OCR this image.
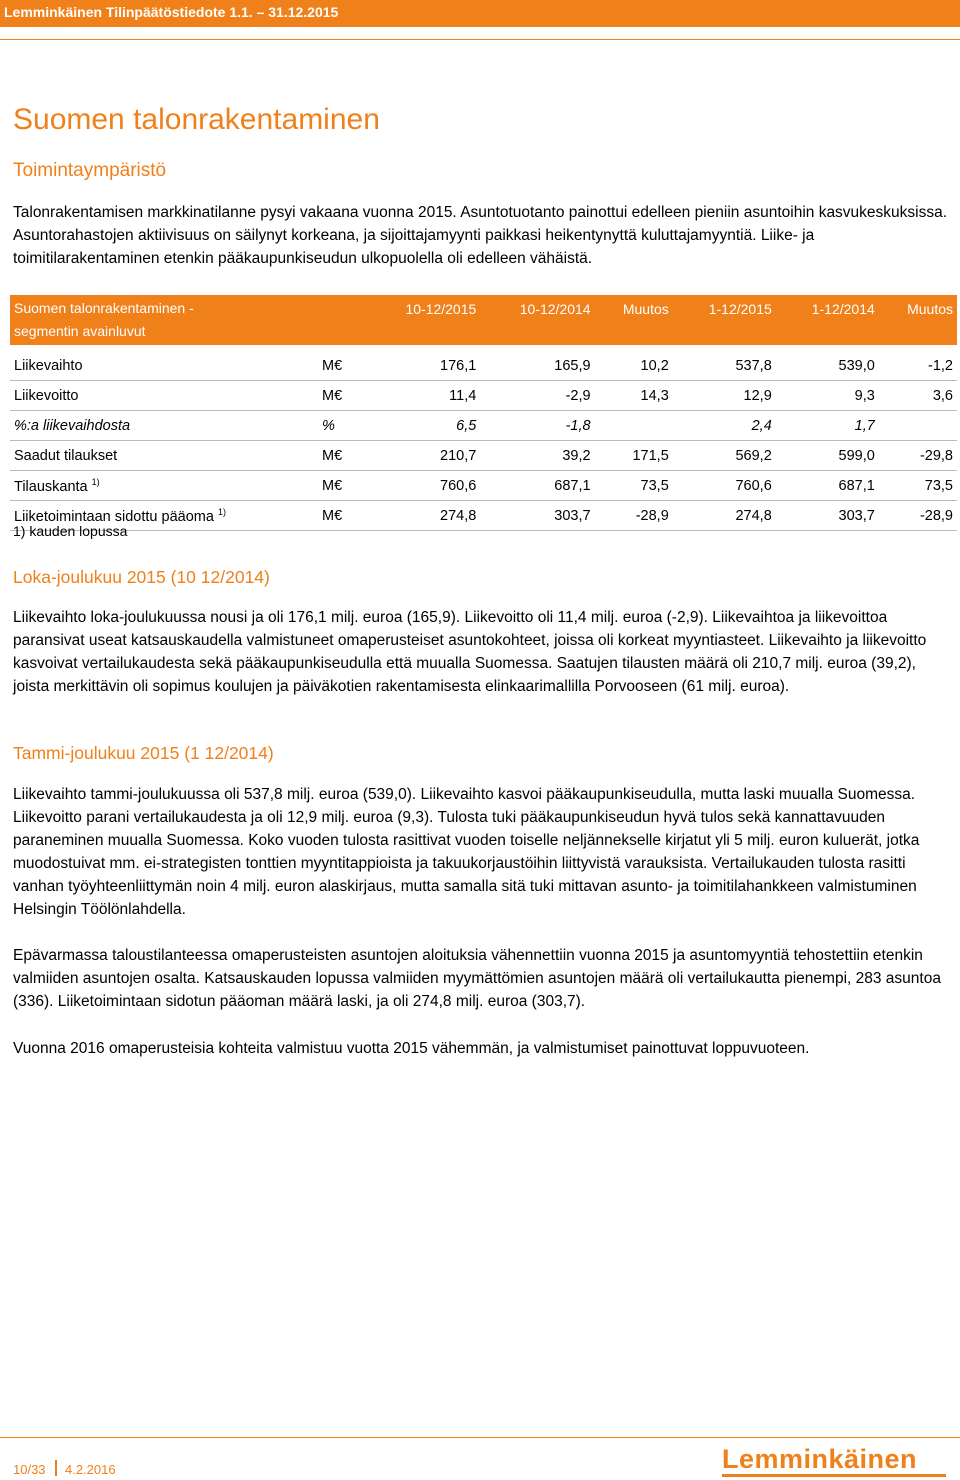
Lemminkäinen Tilinpäätöstiedote 1.1. – 31.12.2015
Suomen talonrakentaminen
Toimintaympäristö

Talonrakentamisen markkinatilanne pysyi vakaana vuonna 2015. Asuntotuotanto painottui edelleen pieniin asuntoihin kasvukeskuksissa. Asuntorahastojen aktiivisuus on säilynyt korkeana, ja sijoittajamyynti paikkasi heikentynyttä kuluttajamyyntiä. Liike- ja toimitilarakentaminen etenkin pääkaupunkiseudun ulkopuolella oli edelleen vähäistä.

Suomen talonrakentaminen -
segmentin avainluvut		10-12/2015	10-12/2014	Muutos	1-12/2015	1-12/2014	Muutos

Liikevaihto	M€	176,1	165,9	10,2	537,8	539,0	-1,2
Liikevoitto	M€	11,4	-2,9	14,3	12,9	9,3	3,6
%:a liikevaihdosta	%	6,5	-1,8		2,4	1,7	
Saadut tilaukset	M€	210,7	39,2	171,5	569,2	599,0	-29,8
Tilauskanta $^{1)}$	M€	760,6	687,1	73,5	760,6	687,1	73,5
Liiketoimintaan sidottu pääoma $^{1)}$	M€	274,8	303,7	-28,9	274,8	303,7	-28,9

1) kauden lopussa

Loka-joulukuu 2015 (10 12/2014)

Liikevaihto loka-joulukuussa nousi ja oli 176,1 milj. euroa (165,9). Liikevoitto oli 11,4 milj. euroa (-2,9). Liikevaihtoa ja liikevoittoa paransivat useat katsauskaudella valmistuneet omaperusteiset asuntokohteet, joissa oli korkeat myyntiasteet. Liikevaihto ja liikevoitto kasvoivat vertailukaudesta sekä pääkaupunkiseudulla että muualla Suomessa. Saatujen tilausten määrä oli 210,7 milj. euroa (39,2), joista merkittävin oli sopimus koulujen ja päiväkotien rakentamisesta elinkaarimallilla Porvooseen (61 milj. euroa).

Tammi-joulukuu 2015 (1 12/2014)

Liikevaihto tammi-joulukuussa oli 537,8 milj. euroa (539,0). Liikevaihto kasvoi pääkaupunkiseudulla, mutta laski muualla Suomessa. Liikevoitto parani vertailukaudesta ja oli 12,9 milj. euroa (9,3). Tulosta tuki pääkaupunkiseudun hyvä tulos sekä kannattavuuden paraneminen muualla Suomessa. Koko vuoden tulosta rasittivat vuoden toiselle neljännekselle kirjatut yli 5 milj. euron kuluerät, jotka muodostuivat mm. ei-strategisten tonttien myyntitappioista ja takuukorjaustöihin liittyvistä varauksista. Vertailukauden tulosta rasitti vanhan työyhteenliittymän noin 4 milj. euron alaskirjaus, mutta samalla sitä tuki mittavan asunto- ja toimitilahankkeen valmistuminen Helsingin Töölönlahdella.

Epävarmassa taloustilanteessa omaperusteisten asuntojen aloituksia vähennettiin vuonna 2015 ja asuntomyyntiä tehostettiin etenkin valmiiden asuntojen osalta. Katsauskauden lopussa valmiiden myymättömien asuntojen määrä oli vertailukautta pienempi, 283 asuntoa (336). Liiketoimintaan sidotun pääoman määrä laski, ja oli 274,8 milj. euroa (303,7).

Vuonna 2016 omaperusteisia kohteita valmistuu vuotta 2015 vähemmän, ja valmistumiset painottuvat loppuvuoteen.

10/33 4.2.2016	Lemminkäinen
